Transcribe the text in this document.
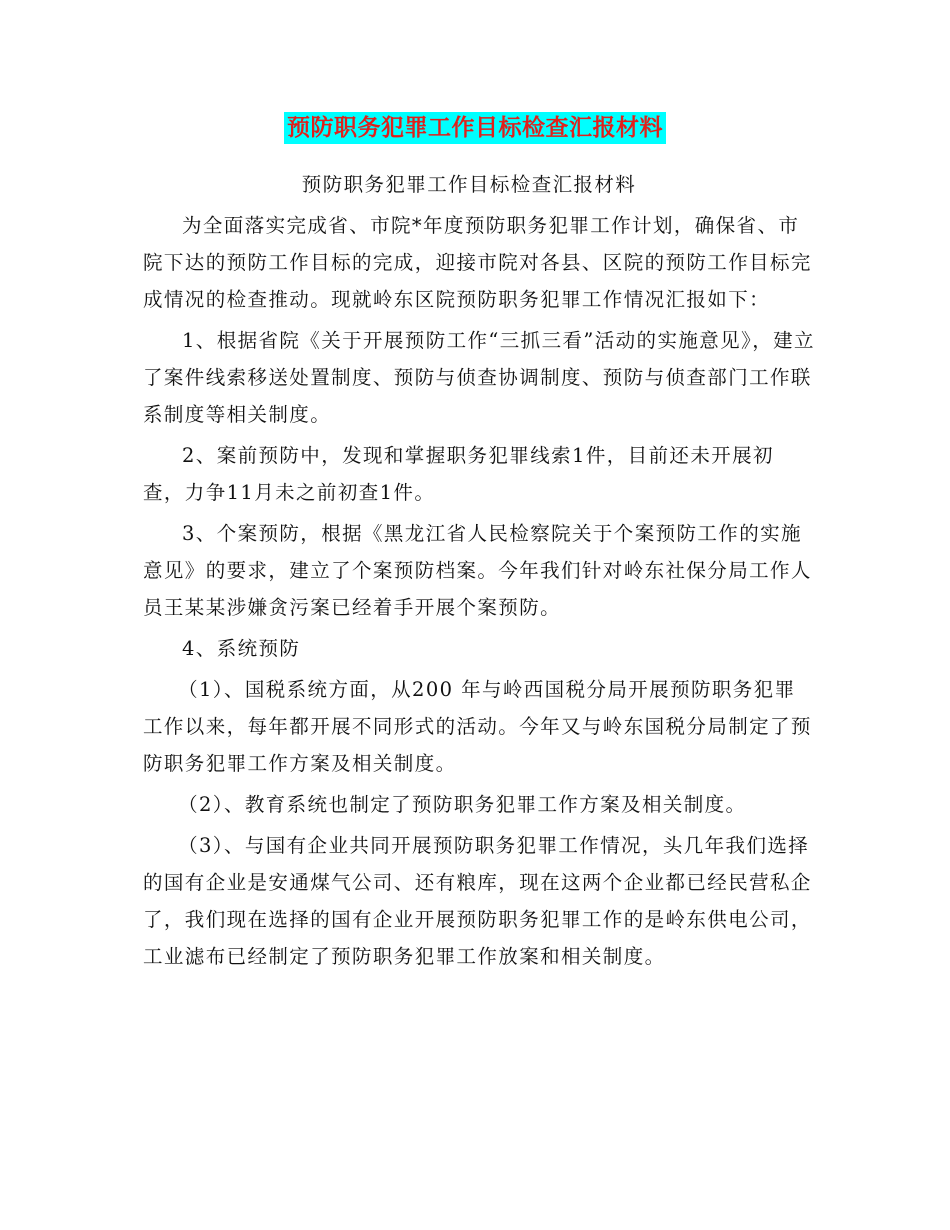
预防职务犯罪工作目标检查汇报材料

预防职务犯罪工作目标检查汇报材料

为全面落实完成省、市院*年度预防职务犯罪工作计划，确保省、市院下达的预防工作目标的完成，迎接市院对各县、区院的预防工作目标完成情况的检查推动。现就岭东区院预防职务犯罪工作情况汇报如下：

1、根据省院《关于开展预防工作“三抓三看”活动的实施意见》，建立了案件线索移送处置制度、预防与侦查协调制度、预防与侦查部门工作联系制度等相关制度。

2、案前预防中，发现和掌握职务犯罪线索1件，目前还未开展初查，力争11月未之前初查1件。

3、个案预防，根据《黑龙江省人民检察院关于个案预防工作的实施意见》的要求，建立了个案预防档案。今年我们针对岭东社保分局工作人员王某某涉嫌贪污案已经着手开展个案预防。

4、系统预防

（1）、国税系统方面，从200 年与岭西国税分局开展预防职务犯罪工作以来，每年都开展不同形式的活动。今年又与岭东国税分局制定了预防职务犯罪工作方案及相关制度。

（2）、教育系统也制定了预防职务犯罪工作方案及相关制度。

（3）、与国有企业共同开展预防职务犯罪工作情况，头几年我们选择的国有企业是安通煤气公司、还有粮库，现在这两个企业都已经民营私企了，我们现在选择的国有企业开展预防职务犯罪工作的是岭东供电公司，工业滤布已经制定了预防职务犯罪工作放案和相关制度。
